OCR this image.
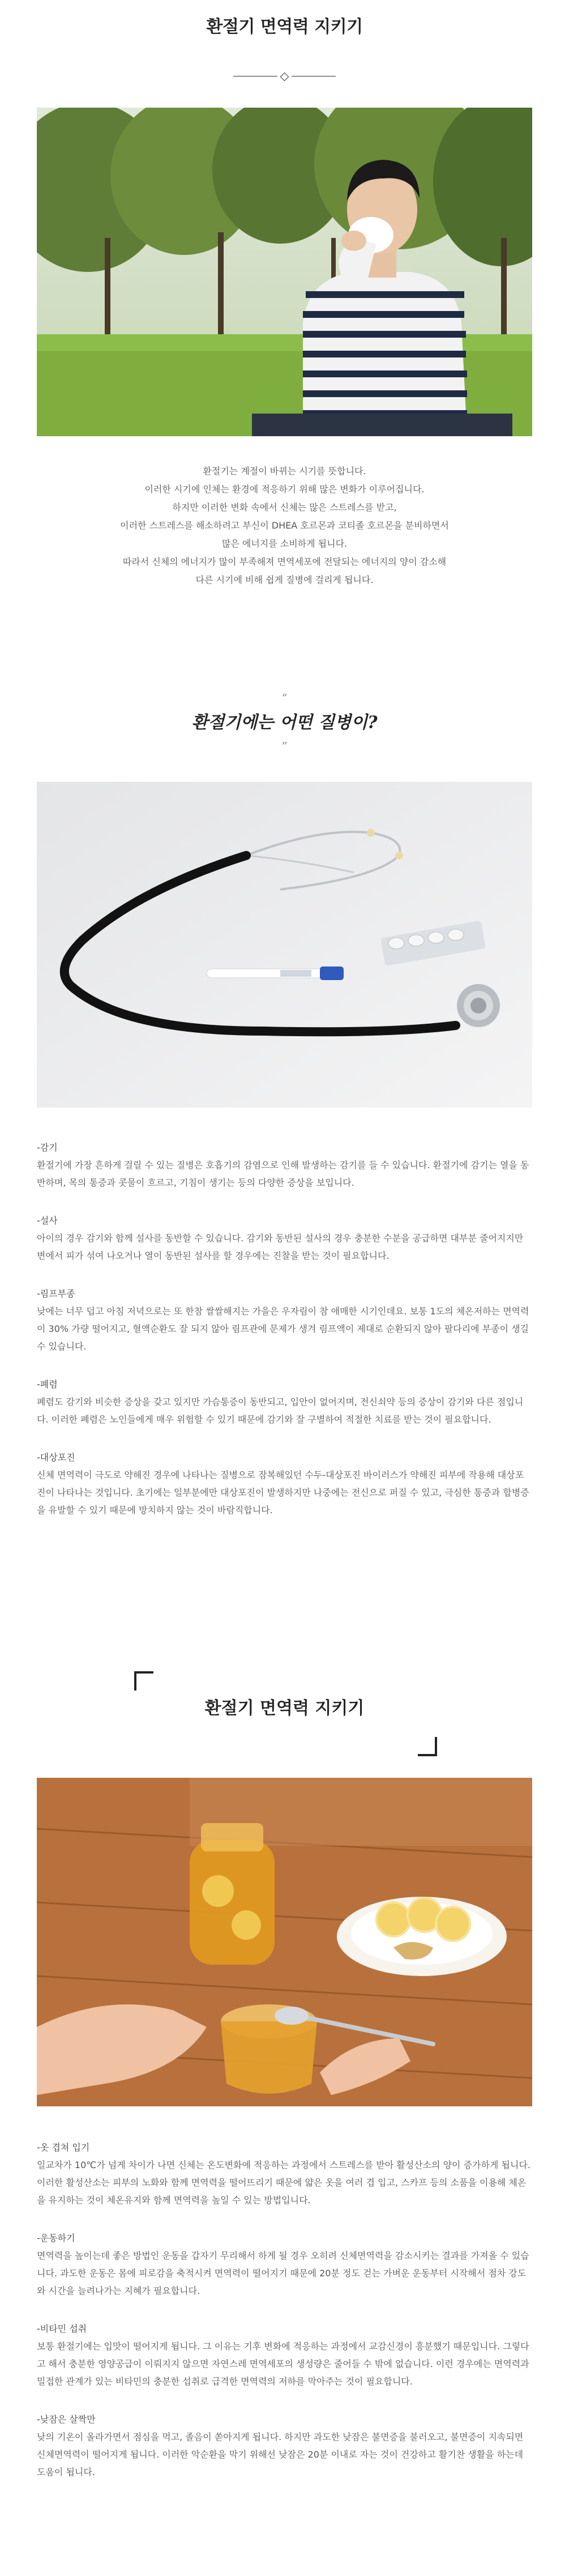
환절기 면역력 지키기

환절기는 계절이 바뀌는 시기를 뜻합니다.

이러한 시기에 인체는 환경에 적응하기 위해 많은 변화가 이루어집니다.

하지만 이러한 변화 속에서 신체는 많은 스트레스를 받고,

이러한 스트레스를 해소하려고 부신이 DHEA 호르몬과 코티졸 호르몬을 분비하면서

많은 에너지를 소비하게 됩니다.

따라서 신체의 에너지가 많이 부족해져 면역세포에 전달되는 에너지의 양이 감소해

다른 시기에 비해 쉽게 질병에 걸리게 됩니다.

“
환절기에는 어떤 질병이?
”

-감기

환절기에 가장 흔하게 걸릴 수 있는 질병은 호흡기의 감염으로 인해 발생하는 감기를 들 수 있습니다. 환절기에 감기는 열을 동반하며, 목의 통증과 콧물이 흐르고, 기침이 생기는 등의 다양한 증상을 보입니다.

-설사

아이의 경우 감기와 함께 설사를 동반할 수 있습니다. 감기와 동반된 설사의 경우 충분한 수분을 공급하면 대부분 줄어지지만 변에서 피가 섞여 나오거나 열이 동반된 설사를 할 경우에는 진찰을 받는 것이 필요합니다.

-림프부종

낮에는 너무 덥고 아침 저녁으로는 또 한참 쌀쌀해지는 가을은 우자림이 참 애매한 시기인데요. 보통 1도의 체온저하는 면역력이 30% 가량 떨어지고, 혈액순환도 잘 되지 않아 림프관에 문제가 생겨 림프액이 제대로 순환되지 않아 팔다리에 부종이 생길 수 있습니다.

-폐렴

폐렴도 감기와 비슷한 증상을 갖고 있지만 가슴통증이 동반되고, 입안이 없어지며, 전신쇠약 등의 증상이 감기와 다른 점입니다. 이러한 폐렴은 노인들에게 매우 위험할 수 있기 때문에 감기와 잘 구별하여 적절한 치료를 받는 것이 필요합니다.

-대상포진

신체 면역력이 극도로 약해진 경우에 나타나는 질병으로 잠복해있던 수두-대상포진 바이러스가 약해진 피부에 작용해 대상포진이 나타나는 것입니다. 초기에는 일부분에만 대상포진이 발생하지만 나중에는 전신으로 퍼질 수 있고, 극심한 통증과 합병증을 유발할 수 있기 때문에 방치하지 않는 것이 바람직합니다.

환절기 면역력 지키기

-옷 겹쳐 입기

일교차가 10℃가 넘게 차이가 나면 신체는 온도변화에 적응하는 과정에서 스트레스를 받아 활성산소의 양이 증가하게 됩니다. 이러한 활성산소는 피부의 노화와 함께 면역력을 떨어뜨리기 때문에 얇은 옷을 여러 겹 입고, 스카프 등의 소품을 이용해 체온을 유지하는 것이 체온유지와 함께 면역력을 높일 수 있는 방법입니다.

-운동하기

면역력을 높이는데 좋은 방법인 운동을 갑자기 무리해서 하게 될 경우 오히려 신체면역력을 감소시키는 결과를 가져올 수 있습니다. 과도한 운동은 몸에 피로감을 축적시켜 면역력이 떨어지기 때문에 20분 정도 걷는 가벼운 운동부터 시작해서 점차 강도와 시간을 늘려나가는 지혜가 필요합니다.

-비타민 섭취

보통 환절기에는 입맛이 떨어지게 됩니다. 그 이유는 기후 변화에 적응하는 과정에서 교감신경이 흥분했기 때문입니다. 그렇다고 해서 충분한 영양공급이 이뤄지지 않으면 자연스레 면역세포의 생성량은 줄어들 수 밖에 없습니다. 이런 경우에는 면역력과 밀접한 관계가 있는 비타민의 충분한 섭취로 급격한 면역력의 저하를 막아주는 것이 필요합니다.

-낮잠은 살짝만

낮의 기온이 올라가면서 점심을 먹고, 졸음이 쏟아지게 됩니다. 하지만 과도한 낮잠은 불면증을 불러오고, 불면증이 지속되면 신체면역력이 떨어지게 됩니다. 이러한 악순환을 막기 위해선 낮잠은 20분 이내로 자는 것이 건강하고 활기찬 생활을 하는데 도움이 됩니다.
